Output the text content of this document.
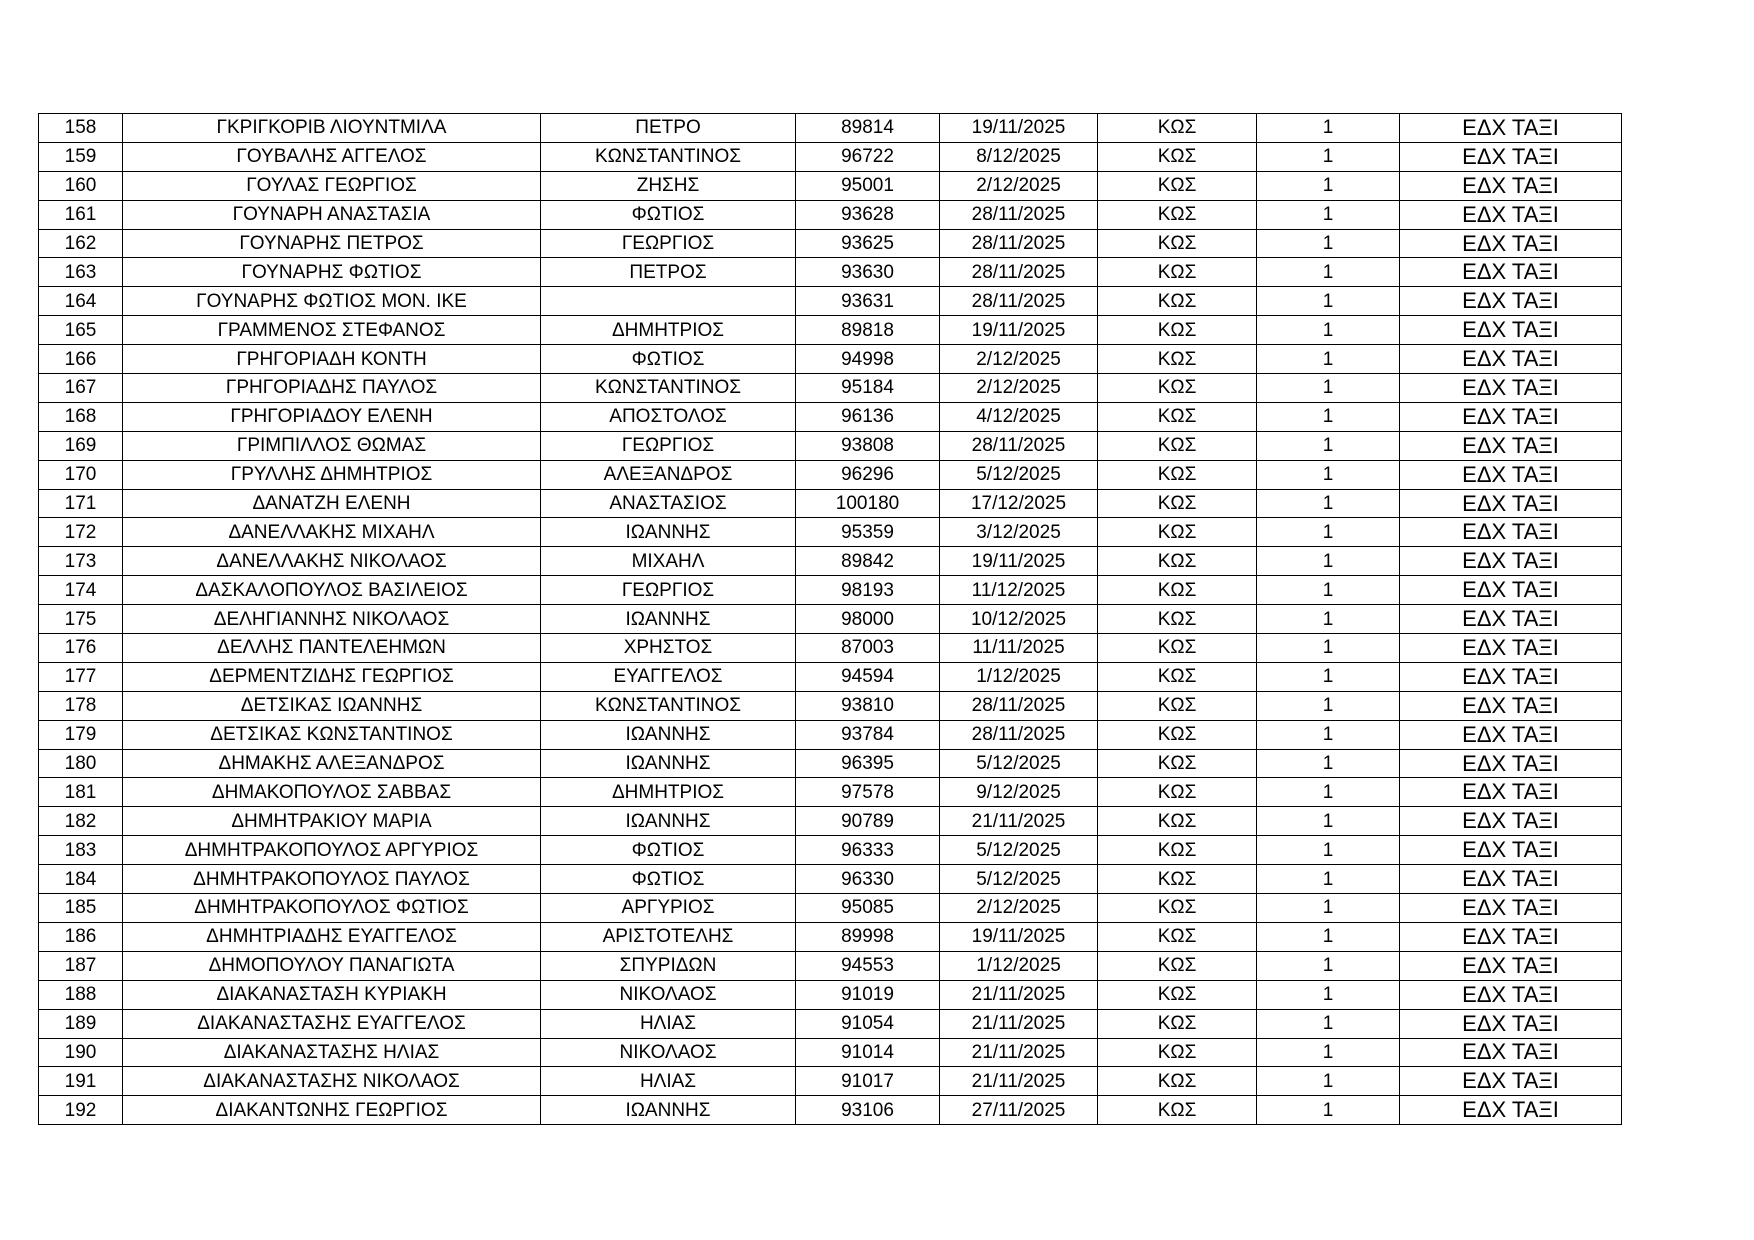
158	ΓΚΡΙΓΚΟΡΙΒ ΛΙΟΥΝΤΜΙΛΑ	ΠΕΤΡΟ	89814	19/11/2025	ΚΩΣ	1	ΕΔΧ ΤΑΞΙ
159	ΓΟΥΒΑΛΗΣ ΑΓΓΕΛΟΣ	ΚΩΝΣΤΑΝΤΙΝΟΣ	96722	8/12/2025	ΚΩΣ	1	ΕΔΧ ΤΑΞΙ
160	ΓΟΥΛΑΣ ΓΕΩΡΓΙΟΣ	ΖΗΣΗΣ	95001	2/12/2025	ΚΩΣ	1	ΕΔΧ ΤΑΞΙ
161	ΓΟΥΝΑΡΗ ΑΝΑΣΤΑΣΙΑ	ΦΩΤΙΟΣ	93628	28/11/2025	ΚΩΣ	1	ΕΔΧ ΤΑΞΙ
162	ΓΟΥΝΑΡΗΣ ΠΕΤΡΟΣ	ΓΕΩΡΓΙΟΣ	93625	28/11/2025	ΚΩΣ	1	ΕΔΧ ΤΑΞΙ
163	ΓΟΥΝΑΡΗΣ ΦΩΤΙΟΣ	ΠΕΤΡΟΣ	93630	28/11/2025	ΚΩΣ	1	ΕΔΧ ΤΑΞΙ
164	ΓΟΥΝΑΡΗΣ ΦΩΤΙΟΣ ΜΟΝ. ΙΚΕ		93631	28/11/2025	ΚΩΣ	1	ΕΔΧ ΤΑΞΙ
165	ΓΡΑΜΜΕΝΟΣ ΣΤΕΦΑΝΟΣ	ΔΗΜΗΤΡΙΟΣ	89818	19/11/2025	ΚΩΣ	1	ΕΔΧ ΤΑΞΙ
166	ΓΡΗΓΟΡΙΑΔΗ ΚΟΝΤΗ	ΦΩΤΙΟΣ	94998	2/12/2025	ΚΩΣ	1	ΕΔΧ ΤΑΞΙ
167	ΓΡΗΓΟΡΙΑΔΗΣ ΠΑΥΛΟΣ	ΚΩΝΣΤΑΝΤΙΝΟΣ	95184	2/12/2025	ΚΩΣ	1	ΕΔΧ ΤΑΞΙ
168	ΓΡΗΓΟΡΙΑΔΟΥ ΕΛΕΝΗ	ΑΠΟΣΤΟΛΟΣ	96136	4/12/2025	ΚΩΣ	1	ΕΔΧ ΤΑΞΙ
169	ΓΡΙΜΠΙΛΛΟΣ ΘΩΜΑΣ	ΓΕΩΡΓΙΟΣ	93808	28/11/2025	ΚΩΣ	1	ΕΔΧ ΤΑΞΙ
170	ΓΡΥΛΛΗΣ ΔΗΜΗΤΡΙΟΣ	ΑΛΕΞΑΝΔΡΟΣ	96296	5/12/2025	ΚΩΣ	1	ΕΔΧ ΤΑΞΙ
171	ΔΑΝΑΤΖΗ ΕΛΕΝΗ	ΑΝΑΣΤΑΣΙΟΣ	100180	17/12/2025	ΚΩΣ	1	ΕΔΧ ΤΑΞΙ
172	ΔΑΝΕΛΛΑΚΗΣ ΜΙΧΑΗΛ	ΙΩΑΝΝΗΣ	95359	3/12/2025	ΚΩΣ	1	ΕΔΧ ΤΑΞΙ
173	ΔΑΝΕΛΛΑΚΗΣ ΝΙΚΟΛΑΟΣ	ΜΙΧΑΗΛ	89842	19/11/2025	ΚΩΣ	1	ΕΔΧ ΤΑΞΙ
174	ΔΑΣΚΑΛΟΠΟΥΛΟΣ ΒΑΣΙΛΕΙΟΣ	ΓΕΩΡΓΙΟΣ	98193	11/12/2025	ΚΩΣ	1	ΕΔΧ ΤΑΞΙ
175	ΔΕΛΗΓΙΑΝΝΗΣ ΝΙΚΟΛΑΟΣ	ΙΩΑΝΝΗΣ	98000	10/12/2025	ΚΩΣ	1	ΕΔΧ ΤΑΞΙ
176	ΔΕΛΛΗΣ ΠΑΝΤΕΛΕΗΜΩΝ	ΧΡΗΣΤΟΣ	87003	11/11/2025	ΚΩΣ	1	ΕΔΧ ΤΑΞΙ
177	ΔΕΡΜΕΝΤΖΙΔΗΣ ΓΕΩΡΓΙΟΣ	ΕΥΑΓΓΕΛΟΣ	94594	1/12/2025	ΚΩΣ	1	ΕΔΧ ΤΑΞΙ
178	ΔΕΤΣΙΚΑΣ ΙΩΑΝΝΗΣ	ΚΩΝΣΤΑΝΤΙΝΟΣ	93810	28/11/2025	ΚΩΣ	1	ΕΔΧ ΤΑΞΙ
179	ΔΕΤΣΙΚΑΣ ΚΩΝΣΤΑΝΤΙΝΟΣ	ΙΩΑΝΝΗΣ	93784	28/11/2025	ΚΩΣ	1	ΕΔΧ ΤΑΞΙ
180	ΔΗΜΑΚΗΣ ΑΛΕΞΑΝΔΡΟΣ	ΙΩΑΝΝΗΣ	96395	5/12/2025	ΚΩΣ	1	ΕΔΧ ΤΑΞΙ
181	ΔΗΜΑΚΟΠΟΥΛΟΣ ΣΑΒΒΑΣ	ΔΗΜΗΤΡΙΟΣ	97578	9/12/2025	ΚΩΣ	1	ΕΔΧ ΤΑΞΙ
182	ΔΗΜΗΤΡΑΚΙΟΥ ΜΑΡΙΑ	ΙΩΑΝΝΗΣ	90789	21/11/2025	ΚΩΣ	1	ΕΔΧ ΤΑΞΙ
183	ΔΗΜΗΤΡΑΚΟΠΟΥΛΟΣ ΑΡΓΥΡΙΟΣ	ΦΩΤΙΟΣ	96333	5/12/2025	ΚΩΣ	1	ΕΔΧ ΤΑΞΙ
184	ΔΗΜΗΤΡΑΚΟΠΟΥΛΟΣ ΠΑΥΛΟΣ	ΦΩΤΙΟΣ	96330	5/12/2025	ΚΩΣ	1	ΕΔΧ ΤΑΞΙ
185	ΔΗΜΗΤΡΑΚΟΠΟΥΛΟΣ ΦΩΤΙΟΣ	ΑΡΓΥΡΙΟΣ	95085	2/12/2025	ΚΩΣ	1	ΕΔΧ ΤΑΞΙ
186	ΔΗΜΗΤΡΙΑΔΗΣ ΕΥΑΓΓΕΛΟΣ	ΑΡΙΣΤΟΤΕΛΗΣ	89998	19/11/2025	ΚΩΣ	1	ΕΔΧ ΤΑΞΙ
187	ΔΗΜΟΠΟΥΛΟΥ ΠΑΝΑΓΙΩΤΑ	ΣΠΥΡΙΔΩΝ	94553	1/12/2025	ΚΩΣ	1	ΕΔΧ ΤΑΞΙ
188	ΔΙΑΚΑΝΑΣΤΑΣΗ ΚΥΡΙΑΚΗ	ΝΙΚΟΛΑΟΣ	91019	21/11/2025	ΚΩΣ	1	ΕΔΧ ΤΑΞΙ
189	ΔΙΑΚΑΝΑΣΤΑΣΗΣ ΕΥΑΓΓΕΛΟΣ	ΗΛΙΑΣ	91054	21/11/2025	ΚΩΣ	1	ΕΔΧ ΤΑΞΙ
190	ΔΙΑΚΑΝΑΣΤΑΣΗΣ ΗΛΙΑΣ	ΝΙΚΟΛΑΟΣ	91014	21/11/2025	ΚΩΣ	1	ΕΔΧ ΤΑΞΙ
191	ΔΙΑΚΑΝΑΣΤΑΣΗΣ ΝΙΚΟΛΑΟΣ	ΗΛΙΑΣ	91017	21/11/2025	ΚΩΣ	1	ΕΔΧ ΤΑΞΙ
192	ΔΙΑΚΑΝΤΩΝΗΣ ΓΕΩΡΓΙΟΣ	ΙΩΑΝΝΗΣ	93106	27/11/2025	ΚΩΣ	1	ΕΔΧ ΤΑΞΙ
